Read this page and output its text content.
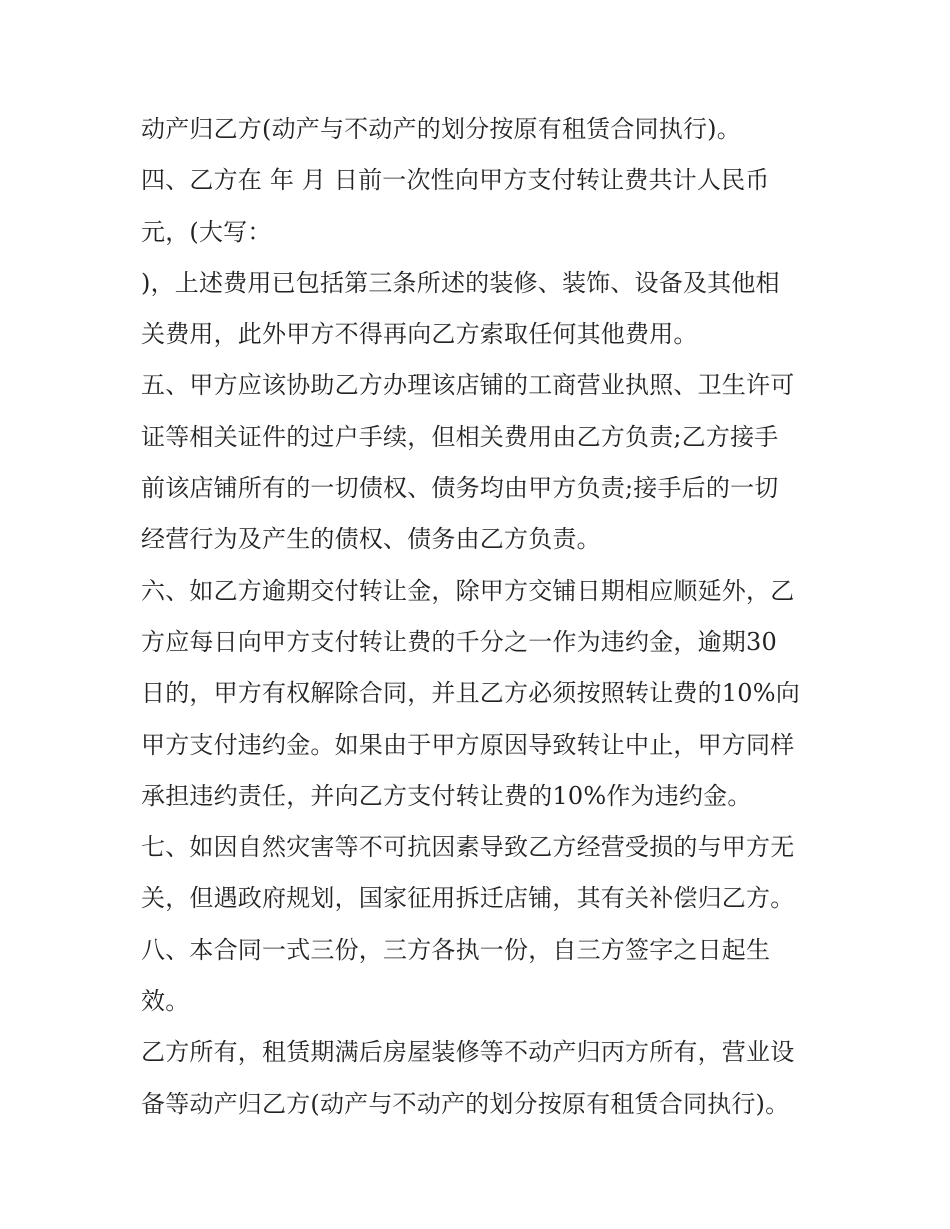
动产归乙方(动产与不动产的划分按原有租赁合同执行)。
四、乙方在 年 月 日前一次性向甲方支付转让费共计人民币
元，(大写：
)，上述费用已包括第三条所述的装修、装饰、设备及其他相
关费用，此外甲方不得再向乙方索取任何其他费用。
五、甲方应该协助乙方办理该店铺的工商营业执照、卫生许可
证等相关证件的过户手续，但相关费用由乙方负责;乙方接手
前该店铺所有的一切债权、债务均由甲方负责;接手后的一切
经营行为及产生的债权、债务由乙方负责。
六、如乙方逾期交付转让金，除甲方交铺日期相应顺延外，乙
方应每日向甲方支付转让费的千分之一作为违约金，逾期30
日的，甲方有权解除合同，并且乙方必须按照转让费的10%向
甲方支付违约金。如果由于甲方原因导致转让中止，甲方同样
承担违约责任，并向乙方支付转让费的10%作为违约金。
七、如因自然灾害等不可抗因素导致乙方经营受损的与甲方无
关，但遇政府规划，国家征用拆迁店铺，其有关补偿归乙方。
八、本合同一式三份，三方各执一份，自三方签字之日起生
效。
乙方所有，租赁期满后房屋装修等不动产归丙方所有，营业设
备等动产归乙方(动产与不动产的划分按原有租赁合同执行)。
